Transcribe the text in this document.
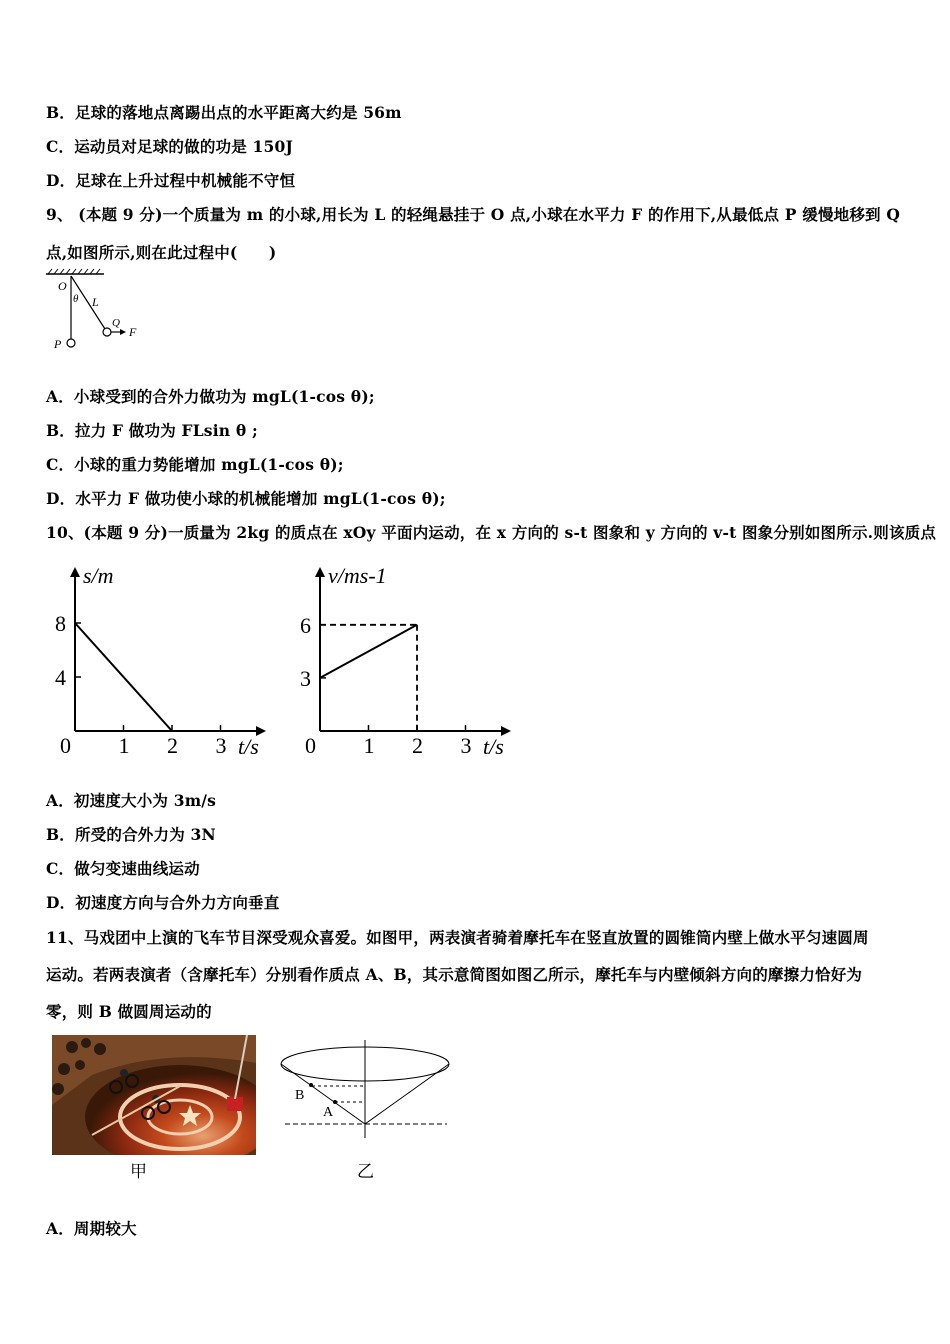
B．足球的落地点离踢出点的水平距离大约是 56m
C．运动员对足球的做的功是 150J
D．足球在上升过程中机械能不守恒
9、 (本题 9 分)一个质量为 m 的小球,用长为 L 的轻绳悬挂于 O 点,小球在水平力 F 的作用下,从最低点 P 缓慢地移到 Q
点,如图所示,则在此过程中(　　)
O
θ L
Q
F
P
A．小球受到的合外力做功为 mgL(1-cos θ);
B．拉力 F 做功为 FLsin θ ;
C．小球的重力势能增加 mgL(1-cos θ);
D．水平力 F 做功使小球的机械能增加 mgL(1-cos θ);
10、(本题 9 分)一质量为 2kg 的质点在 xOy 平面内运动，在 x 方向的 s-t 图象和 y 方向的 v-t 图象分别如图所示.则该质点
0 1 2 3
4
8
t/s
s/m
0 1 2 3
3
6
t/s
v/ms-1
A．初速度大小为 3m/s
B．所受的合外力为 3N
C．做匀变速曲线运动
D．初速度方向与合外力方向垂直
11、马戏团中上演的飞车节目深受观众喜爱。如图甲，两表演者骑着摩托车在竖直放置的圆锥筒内壁上做水平匀速圆周
运动。若两表演者（含摩托车）分别看作质点 A、B，其示意简图如图乙所示，摩托车与内壁倾斜方向的摩擦力恰好为
零，则 B 做圆周运动的
甲
B
A
乙
A．周期较大
